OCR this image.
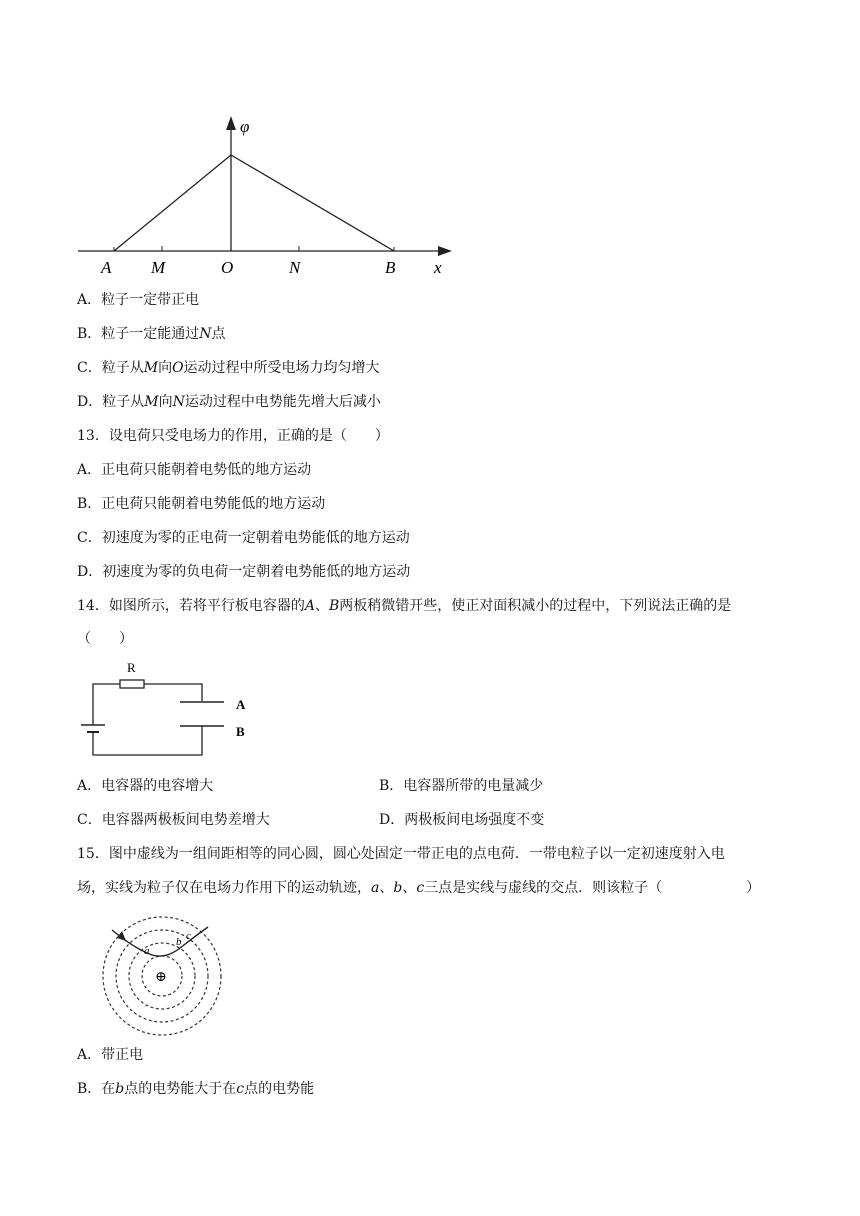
φ
x
A M	O	N	B
A．粒子一定带正电
B．粒子一定能通过N点
C．粒子从M向O运动过程中所受电场力均匀增大
D．粒子从M向N运动过程中电势能先增大后减小
13．设电荷只受电场力的作用，正确的是（　　）
A．正电荷只能朝着电势低的地方运动
B．正电荷只能朝着电势能低的地方运动
C．初速度为零的正电荷一定朝着电势能低的地方运动
D．初速度为零的负电荷一定朝着电势能低的地方运动
14．如图所示，若将平行板电容器的A、B两板稍微错开些，使正对面积减小的过程中，下列说法正确的是
（　　）
R
A
B
A．电容器的电容增大	B．电容器所带的电量减少
C．电容器两极板间电势差增大	D．两极板间电场强度不变
15．图中虚线为一组间距相等的同心圆，圆心处固定一带正电的点电荷．一带电粒子以一定初速度射入电
场，实线为粒子仅在电场力作用下的运动轨迹，a、b、c三点是实线与虚线的交点．则该粒子（　　　　　　）
a
b c
⊕
A．带正电
B．在b点的电势能大于在c点的电势能
